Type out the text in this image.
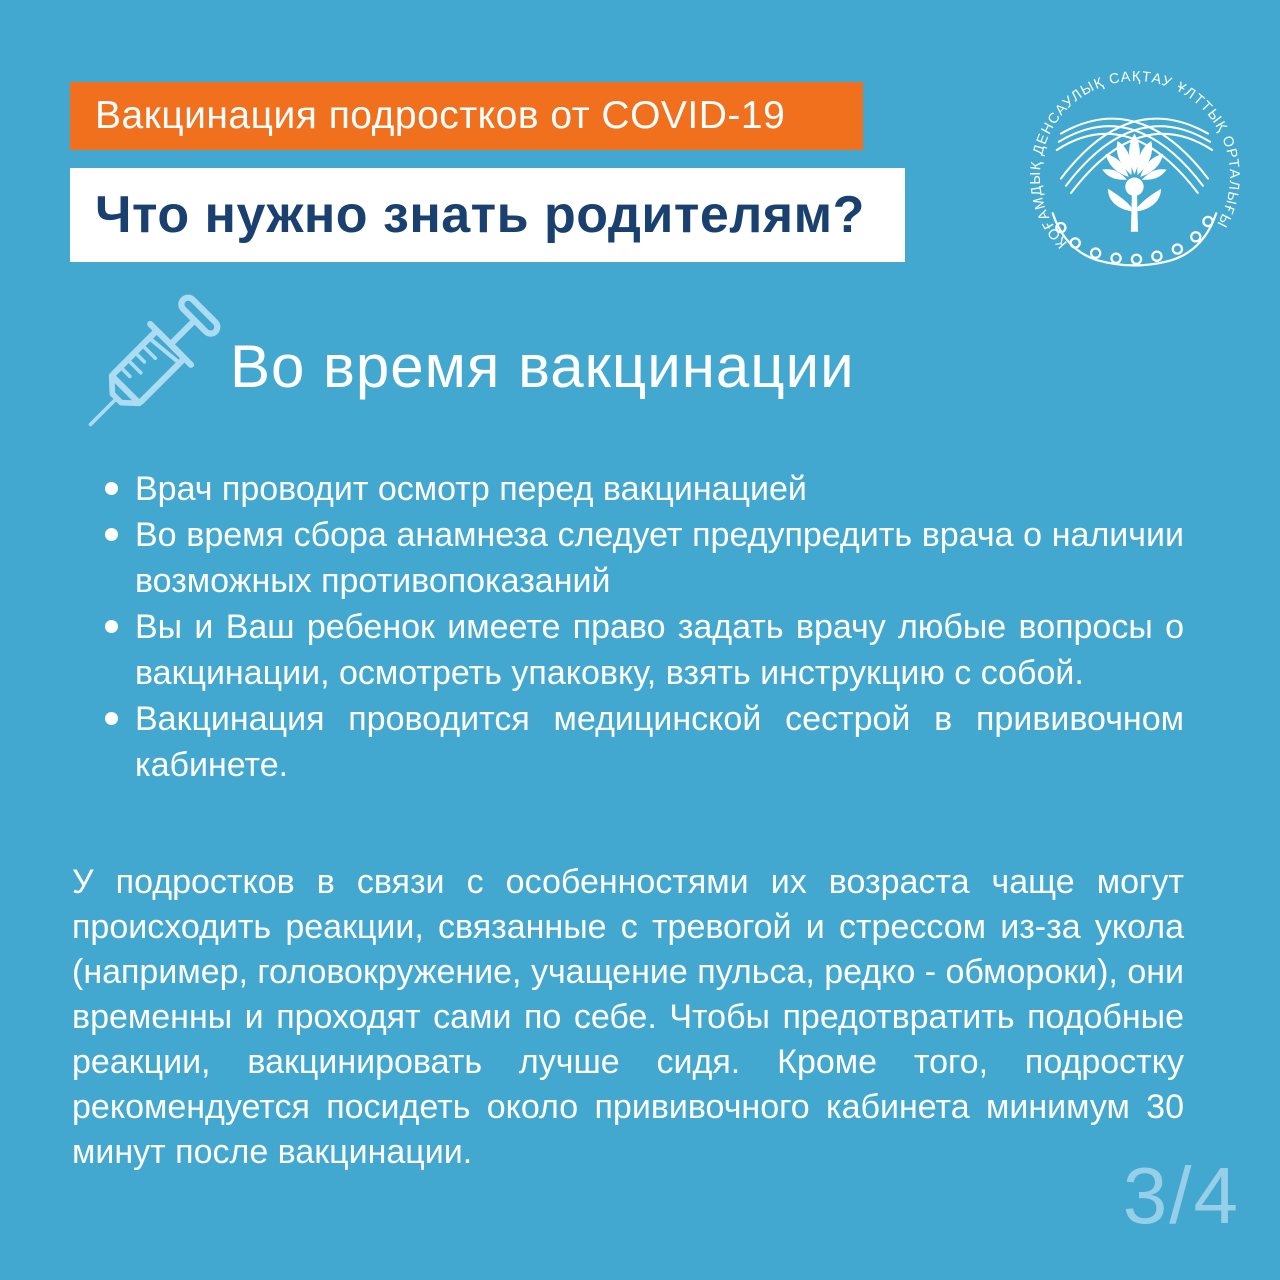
Вакцинация подростков от COVID-19
Что нужно знать родителям?	ҚОҒАМДЫҚ ДЕНСАУЛЫҚ САҚТАУ ҰЛТТЫҚ ОРТАЛЫҒЫ
Во время вакцинации
Врач проводит осмотр перед вакцинацией
Во время сбора анамнеза следует предупредить врача о наличии возможных противопоказаний
Вы и Ваш ребенок имеете право задать врачу любые вопросы о вакцинации, осмотреть упаковку, взять инструкцию с собой.
Вакцинация проводится медицинской сестрой в прививочном кабинете.

У подростков в связи с особенностями их возраста чаще могут происходить реакции, связанные с тревогой и стрессом из-за укола (например, головокружение, учащение пульса, редко - обмороки), они временны и проходят сами по себе. Чтобы предотвратить подобные реакции, вакцинировать лучше сидя. Кроме того, подростку рекомендуется посидеть около прививочного кабинета минимум 30 минут после вакцинации.	3/4
